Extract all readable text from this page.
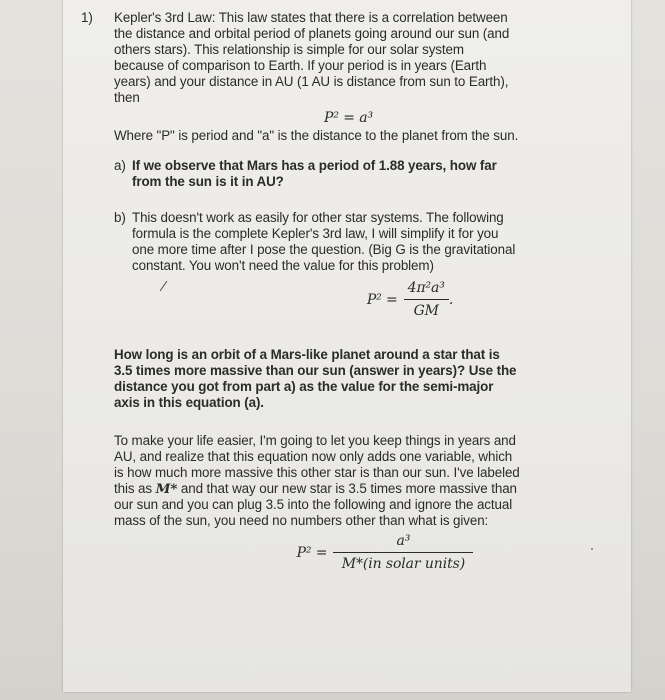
1) Kepler's 3rd Law: This law states that there is a correlation between
the distance and orbital period of planets going around our sun (and
others stars). This relationship is simple for our solar system
because of comparison to Earth. If your period is in years (Earth
years) and your distance in AU (1 AU is distance from sun to Earth),
then
P² = a³
Where "P" is period and "a" is the distance to the planet from the sun.
a) If we observe that Mars has a period of 1.88 years, how far
from the sun is it in AU?
b) This doesn't work as easily for other star systems. The following
formula is the complete Kepler's 3rd law, I will simplify it for you
one more time after I pose the question. (Big G is the gravitational
constant. You won't need the value for this problem)
$P^2 = \frac{\text{4π²a³}}{GM}$ .
How long is an orbit of a Mars-like planet around a star that is
3.5 times more massive than our sun (answer in years)? Use the
distance you got from part a) as the value for the semi-major
axis in this equation (a).
To make your life easier, I'm going to let you keep things in years and
AU, and realize that this equation now only adds one variable, which
is how much more massive this other star is than our sun. I've labeled
this as M* and that way our new star is 3.5 times more massive than
our sun and you can plug 3.5 into the following and ignore the actual
mass of the sun, you need no numbers other than what is given:
$P^2 = \frac{\text{a³}}{\text{M*(in solar units)}}$
